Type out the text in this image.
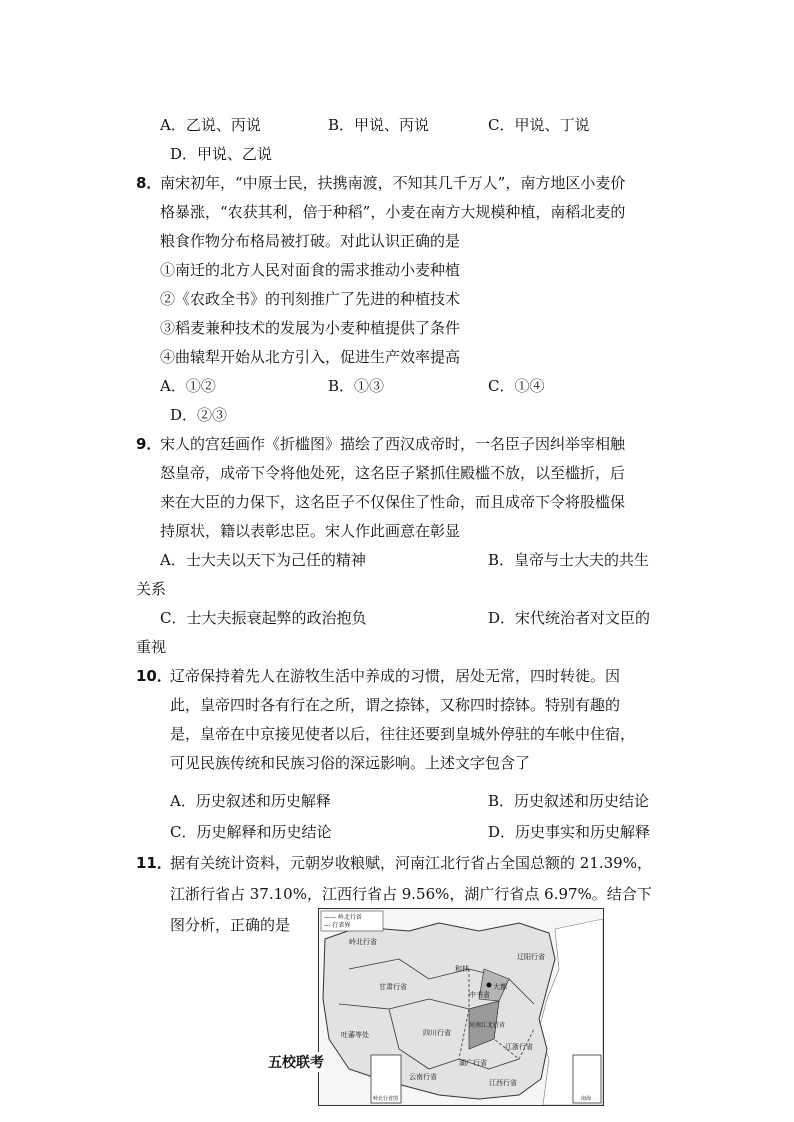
A．乙说、丙说	B．甲说、丙说	C．甲说、丁说
D．甲说、乙说
8．
南宋初年，“中原士民，扶携南渡，不知其几千万人”，南方地区小麦价
格暴涨，“农获其利，倍于种稻”，小麦在南方大规模种植，南稻北麦的
粮食作物分布格局被打破。对此认识正确的是
①南迁的北方人民对面食的需求推动小麦种植
②《农政全书》的刊刻推广了先进的种植技术
③稻麦兼种技术的发展为小麦种植提供了条件
④曲辕犁开始从北方引入，促进生产效率提高
A．①②	B．①③	C．①④
D．②③
9．
宋人的宫廷画作《折槛图》描绘了西汉成帝时，一名臣子因纠举宰相触
怒皇帝，成帝下令将他处死，这名臣子紧抓住殿槛不放，以至槛折，后
来在大臣的力保下，这名臣子不仅保住了性命，而且成帝下令将股槛保
持原状，籍以表彰忠臣。宋人作此画意在彰显
A．士大夫以天下为己任的精神	B．皇帝与士大夫的共生
关系
C．士大夫振衰起弊的政治抱负	D．宋代统治者对文臣的
重视
10．
辽帝保持着先人在游牧生活中养成的习惯，居处无常，四时转徙。因
此，皇帝四时各有行在之所，谓之捺钵，又称四时捺钵。特别有趣的
是，皇帝在中京接见使者以后，往往还要到皇城外停驻的车帐中住宿，
可见民族传统和民族习俗的深远影响。上述文字包含了
A．历史叙述和历史解释	B．历史叙述和历史结论
C．历史解释和历史结论	D．历史事实和历史解释
11．
据有关统计资料，元朝岁收粮赋，河南江北行省占全国总额的 21.39%，
江浙行省占 37.10%，江西行省占 9.56%，湖广行省点 6.97%。结合下
图分析，正确的是	—— 岭北行省
--- 行省界
岭北行省
和林
大都
辽阳行省
甘肃行省
中书省
河南江北行省
四川行省
江浙行省
湖广行省
云南行省
江西行省
吐蕃等处
岭北行省图	南海
五校联考
